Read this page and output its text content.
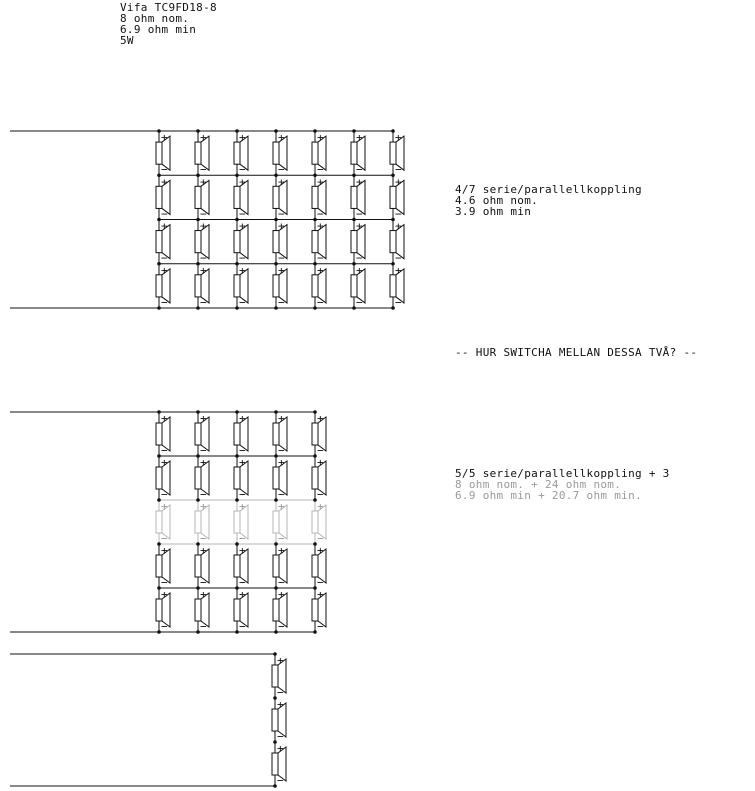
Vifa TC9FD18-8
8 ohm nom.
6.9 ohm min
5W
4/7 serie/parallellkoppling
4.6 ohm nom.
3.9 ohm min
-- HUR SWITCHA MELLAN DESSA TVÅ? --
5/5 serie/parallellkoppling + 3
8 ohm nom. + 24 ohm nom.
6.9 ohm min + 20.7 ohm min.
+
−
+
−
+
−
+
−
+
−
+
−
+
−
+
−
+
−
+
−
+
−
+
−
+
−
+
−
+
−
+
−
+
−
+
−
+
−
+
−
+
−
+
−
+
−
+
−
+
−
+
−
+
−
+
−
+
−
+
−
+
−
+
−
+
−
+
−
+
−
+
−
+
−
+
−
+
−
+
−
+
−
+
−
+
−
+
−
+
−
+
−
+
−
+
−
+
−
+
−
+
−
+
−
+
−
+
−
+
−
+
−
